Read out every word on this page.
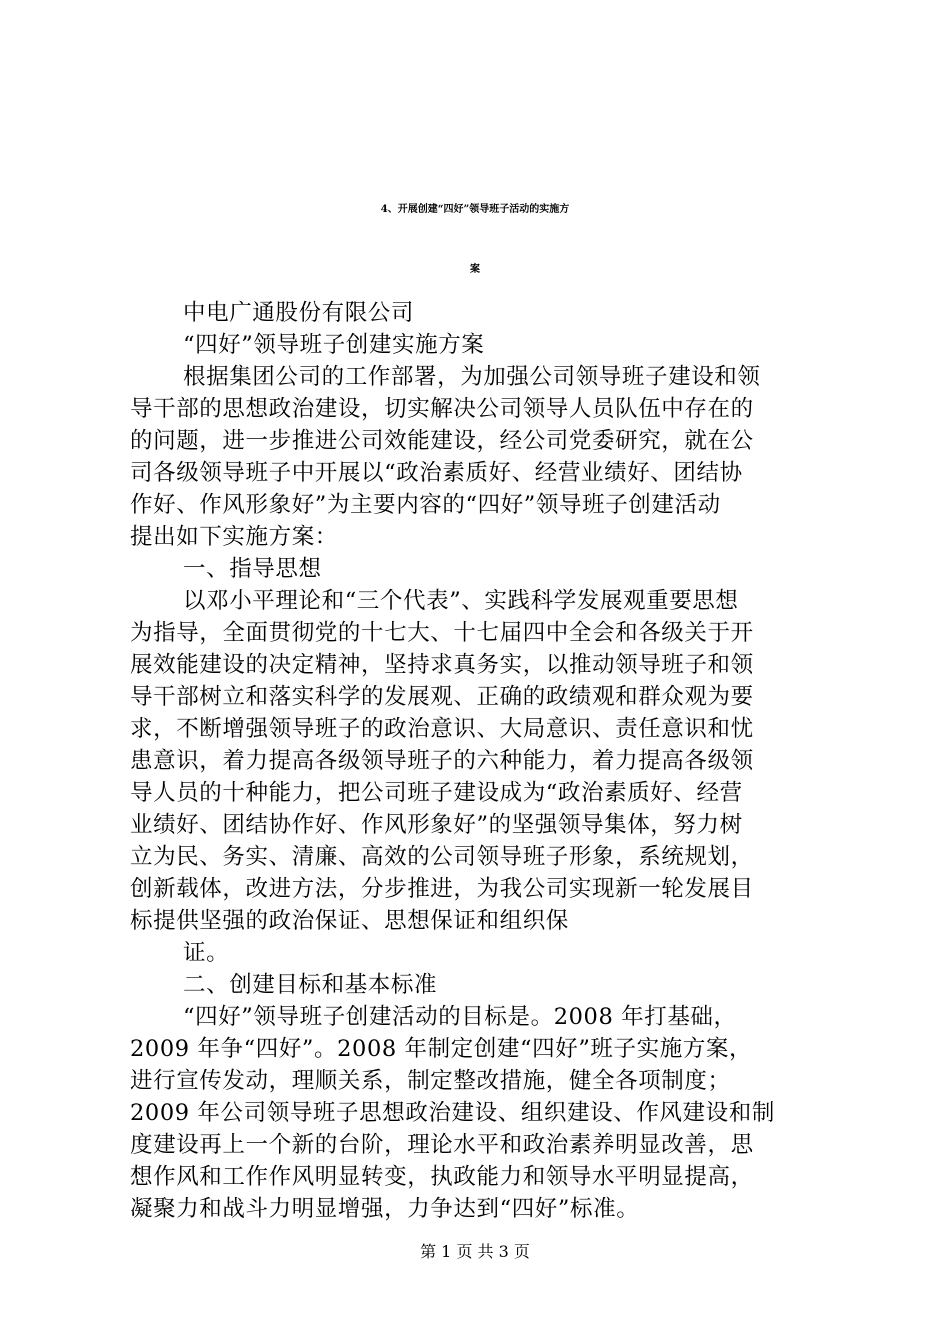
4、开展创建“四好”领导班子活动的实施方
案
中电广通股份有限公司
“四好”领导班子创建实施方案
根据集团公司的工作部署，为加强公司领导班子建设和领
导干部的思想政治建设，切实解决公司领导人员队伍中存在的
的问题，进一步推进公司效能建设，经公司党委研究，就在公
司各级领导班子中开展以“政治素质好、经营业绩好、团结协
作好、作风形象好”为主要内容的“四好”领导班子创建活动
提出如下实施方案：
一、指导思想
以邓小平理论和“三个代表”、实践科学发展观重要思想
为指导，全面贯彻党的十七大、十七届四中全会和各级关于开
展效能建设的决定精神，坚持求真务实，以推动领导班子和领
导干部树立和落实科学的发展观、正确的政绩观和群众观为要
求，不断增强领导班子的政治意识、大局意识、责任意识和忧
患意识，着力提高各级领导班子的六种能力，着力提高各级领
导人员的十种能力，把公司班子建设成为“政治素质好、经营
业绩好、团结协作好、作风形象好”的坚强领导集体，努力树
立为民、务实、清廉、高效的公司领导班子形象，系统规划，
创新载体，改进方法，分步推进，为我公司实现新一轮发展目
标提供坚强的政治保证、思想保证和组织保
证。
二、创建目标和基本标准
“四好”领导班子创建活动的目标是。2008 年打基础，
2009 年争“四好”。2008 年制定创建“四好”班子实施方案，
进行宣传发动，理顺关系，制定整改措施，健全各项制度；
2009 年公司领导班子思想政治建设、组织建设、作风建设和制
度建设再上一个新的台阶，理论水平和政治素养明显改善，思
想作风和工作作风明显转变，执政能力和领导水平明显提高，
凝聚力和战斗力明显增强，力争达到“四好”标准。
第 1 页 共 3 页
